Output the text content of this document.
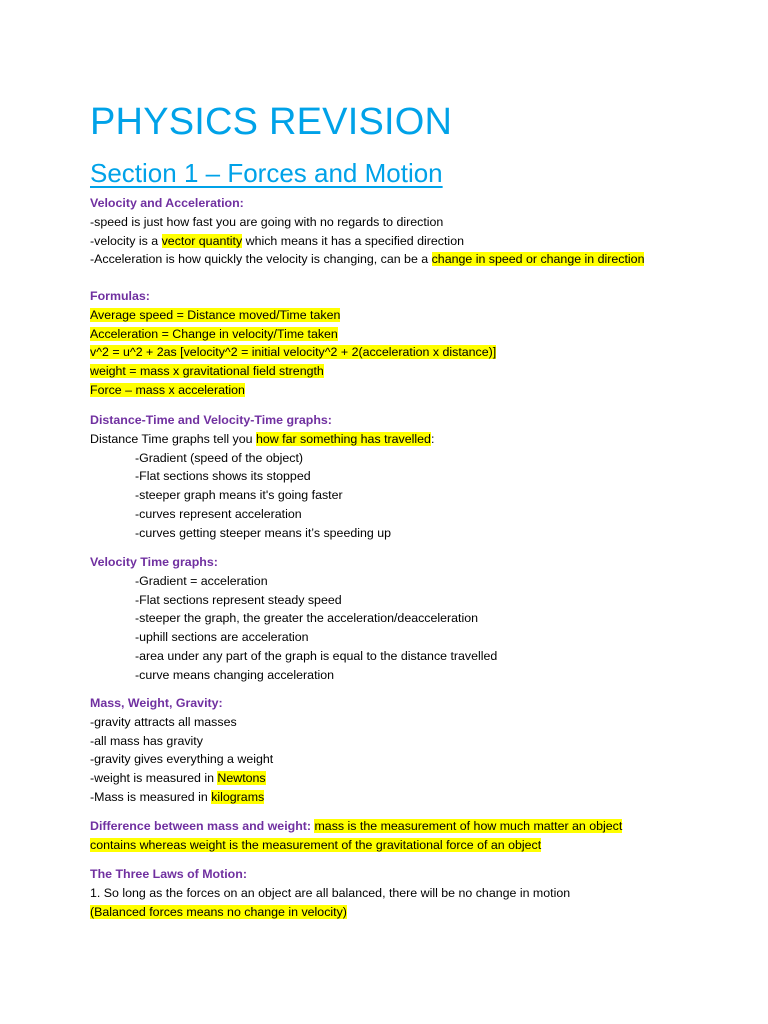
PHYSICS REVISION
Section 1 – Forces and Motion
Velocity and Acceleration:
-speed is just how fast you are going with no regards to direction
-velocity is a vector quantity which means it has a specified direction
-Acceleration is how quickly the velocity is changing, can be a change in speed or change in direction
Formulas:
Average speed = Distance moved/Time taken
Acceleration = Change in velocity/Time taken
v^2 = u^2 + 2as [velocity^2 = initial velocity^2 + 2(acceleration x distance)]
weight = mass x gravitational field strength
Force – mass x acceleration
Distance-Time and Velocity-Time graphs:
Distance Time graphs tell you how far something has travelled:
-Gradient (speed of the object)
-Flat sections shows its stopped
-steeper graph means it's going faster
-curves represent acceleration
-curves getting steeper means it’s speeding up
Velocity Time graphs:
-Gradient = acceleration
-Flat sections represent steady speed
-steeper the graph, the greater the acceleration/deacceleration
-uphill sections are acceleration
-area under any part of the graph is equal to the distance travelled
-curve means changing acceleration
Mass, Weight, Gravity:
-gravity attracts all masses
-all mass has gravity
-gravity gives everything a weight
-weight is measured in Newtons
-Mass is measured in kilograms
Difference between mass and weight: mass is the measurement of how much matter an object
contains whereas weight is the measurement of the gravitational force of an object
The Three Laws of Motion:
1. So long as the forces on an object are all balanced, there will be no change in motion
(Balanced forces means no change in velocity)
